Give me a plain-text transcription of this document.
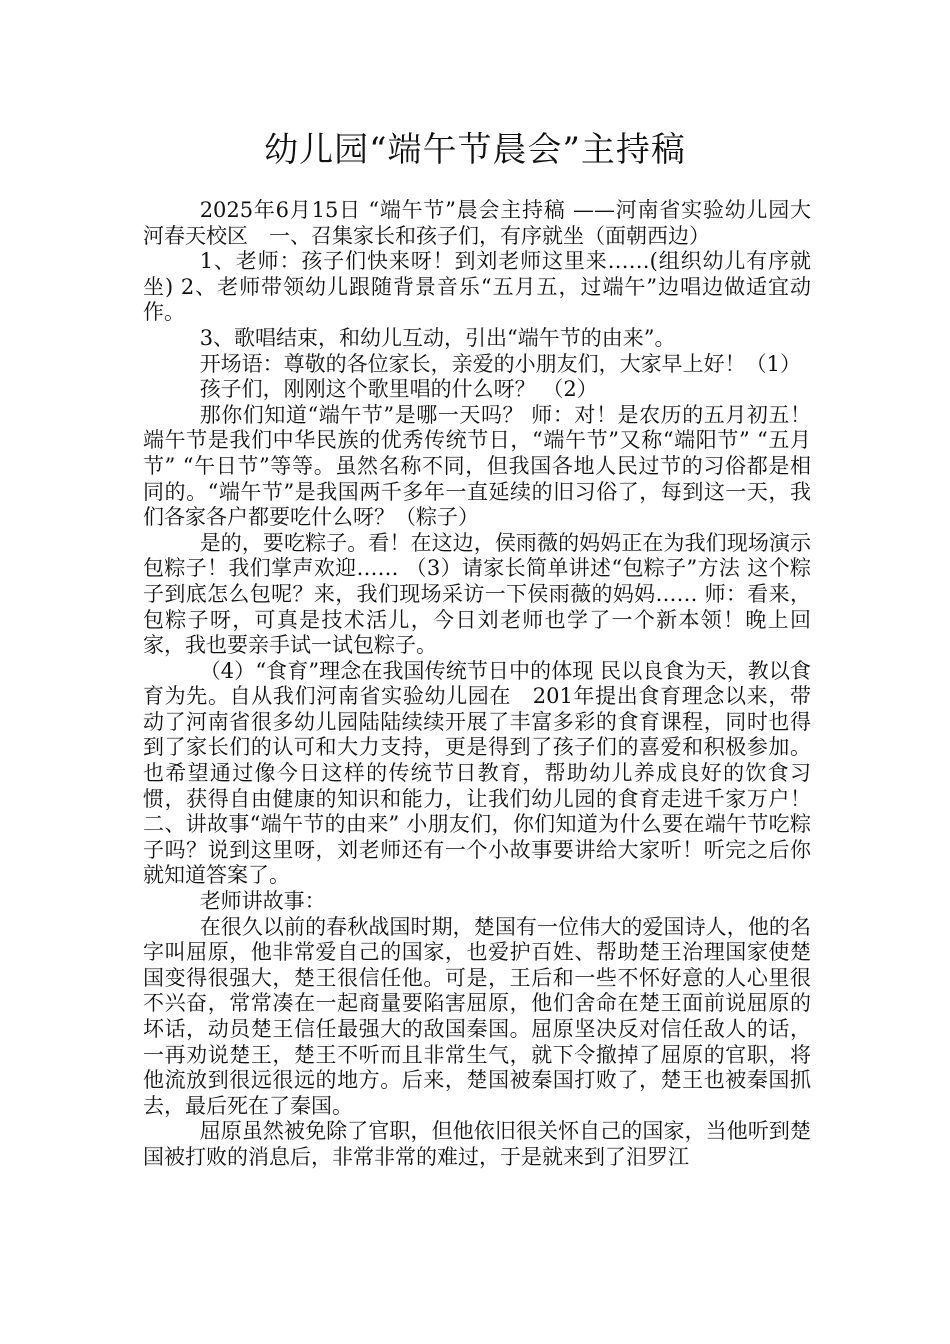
幼儿园“端午节晨会”主持稿

2025年6月15日 “端午节”晨会主持稿 ——河南省实验幼儿园大河春天校区　一、召集家长和孩子们，有序就坐（面朝西边）

1、老师：孩子们快来呀！到刘老师这里来……(组织幼儿有序就坐) 2、老师带领幼儿跟随背景音乐“五月五，过端午”边唱边做适宜动作。

3、歌唱结束，和幼儿互动，引出“端午节的由来”。

开场语：尊敬的各位家长，亲爱的小朋友们，大家早上好！（1）

孩子们，刚刚这个歌里唱的什么呀？ （2）

那你们知道“端午节”是哪一天吗？ 师：对！是农历的五月初五！端午节是我们中华民族的优秀传统节日，“端午节”又称“端阳节” “五月节” “午日节”等等。虽然名称不同，但我国各地人民过节的习俗都是相同的。“端午节”是我国两千多年一直延续的旧习俗了，每到这一天，我们各家各户都要吃什么呀？（粽子）

是的，要吃粽子。看！在这边，侯雨薇的妈妈正在为我们现场演示包粽子！我们掌声欢迎…… （3）请家长简单讲述“包粽子”方法 这个粽子到底怎么包呢？来，我们现场采访一下侯雨薇的妈妈…… 师：看来，包粽子呀，可真是技术活儿，今日刘老师也学了一个新本领！晚上回家，我也要亲手试一试包粽子。

（4）“食育”理念在我国传统节日中的体现 民以良食为天，教以食育为先。自从我们河南省实验幼儿园在　201年提出食育理念以来，带动了河南省很多幼儿园陆陆续续开展了丰富多彩的食育课程，同时也得到了家长们的认可和大力支持，更是得到了孩子们的喜爱和积极参加。也希望通过像今日这样的传统节日教育，帮助幼儿养成良好的饮食习惯，获得自由健康的知识和能力，让我们幼儿园的食育走进千家万户！　二、讲故事“端午节的由来” 小朋友们，你们知道为什么要在端午节吃粽子吗？说到这里呀，刘老师还有一个小故事要讲给大家听！听完之后你就知道答案了。

老师讲故事：

在很久以前的春秋战国时期，楚国有一位伟大的爱国诗人，他的名字叫屈原，他非常爱自己的国家，也爱护百姓、帮助楚王治理国家使楚国变得很强大，楚王很信任他。可是，王后和一些不怀好意的人心里很不兴奋，常常凑在一起商量要陷害屈原，他们舍命在楚王面前说屈原的坏话，动员楚王信任最强大的敌国秦国。屈原坚决反对信任敌人的话，一再劝说楚王，楚王不听而且非常生气，就下令撤掉了屈原的官职，将他流放到很远很远的地方。后来，楚国被秦国打败了，楚王也被秦国抓去，最后死在了秦国。

屈原虽然被免除了官职，但他依旧很关怀自己的国家，当他听到楚国被打败的消息后，非常非常的难过，于是就来到了汨罗江
